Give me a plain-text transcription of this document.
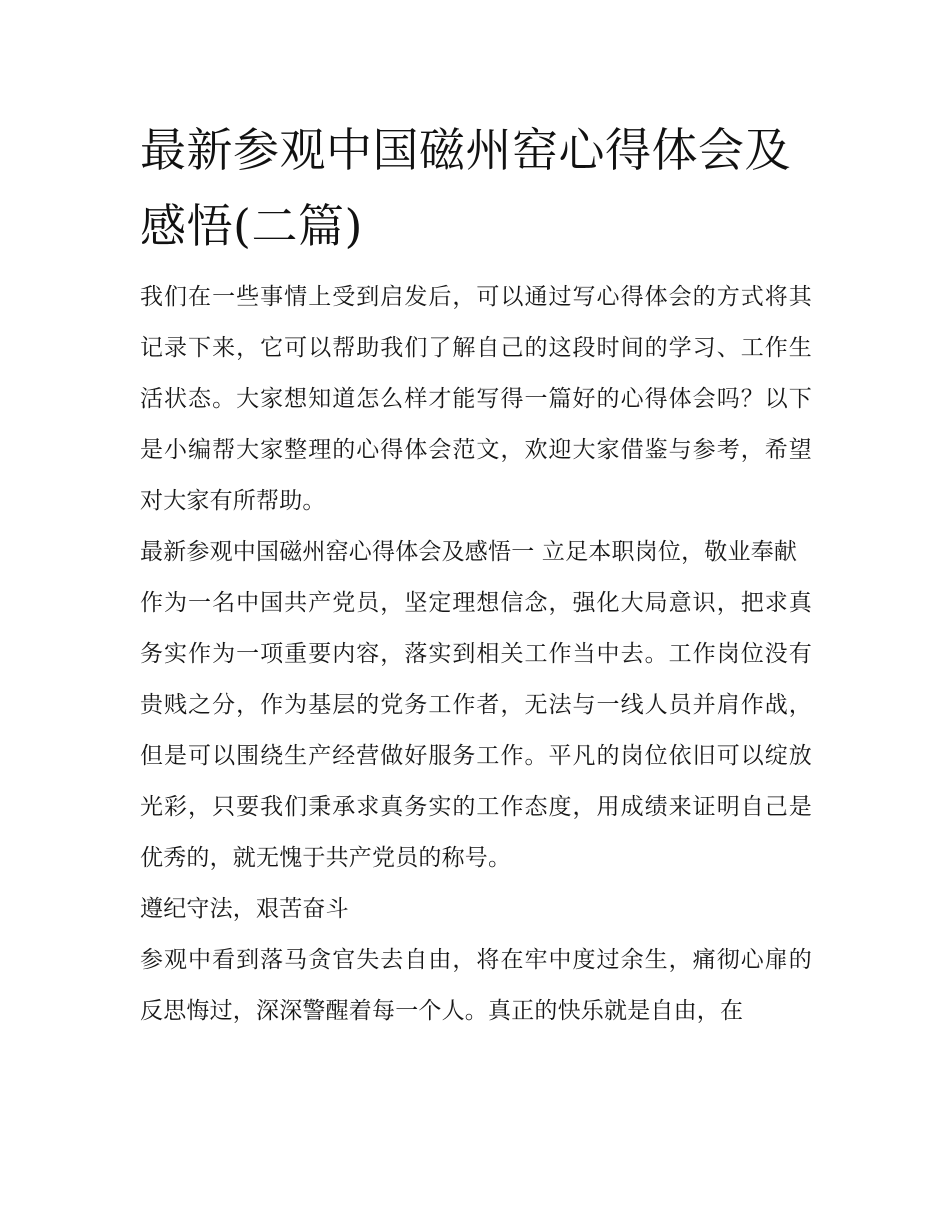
最新参观中国磁州窑心得体会及感悟(二篇)

我们在一些事情上受到启发后，可以通过写心得体会的方式将其记录下来，它可以帮助我们了解自己的这段时间的学习、工作生活状态。大家想知道怎么样才能写得一篇好的心得体会吗？以下是小编帮大家整理的心得体会范文，欢迎大家借鉴与参考，希望对大家有所帮助。

最新参观中国磁州窑心得体会及感悟一 立足本职岗位，敬业奉献

作为一名中国共产党员，坚定理想信念，强化大局意识，把求真务实作为一项重要内容，落实到相关工作当中去。工作岗位没有贵贱之分，作为基层的党务工作者，无法与一线人员并肩作战，但是可以围绕生产经营做好服务工作。平凡的岗位依旧可以绽放光彩，只要我们秉承求真务实的工作态度，用成绩来证明自己是优秀的，就无愧于共产党员的称号。

遵纪守法，艰苦奋斗

参观中看到落马贪官失去自由，将在牢中度过余生，痛彻心扉的反思悔过，深深警醒着每一个人。真正的快乐就是自由，在
